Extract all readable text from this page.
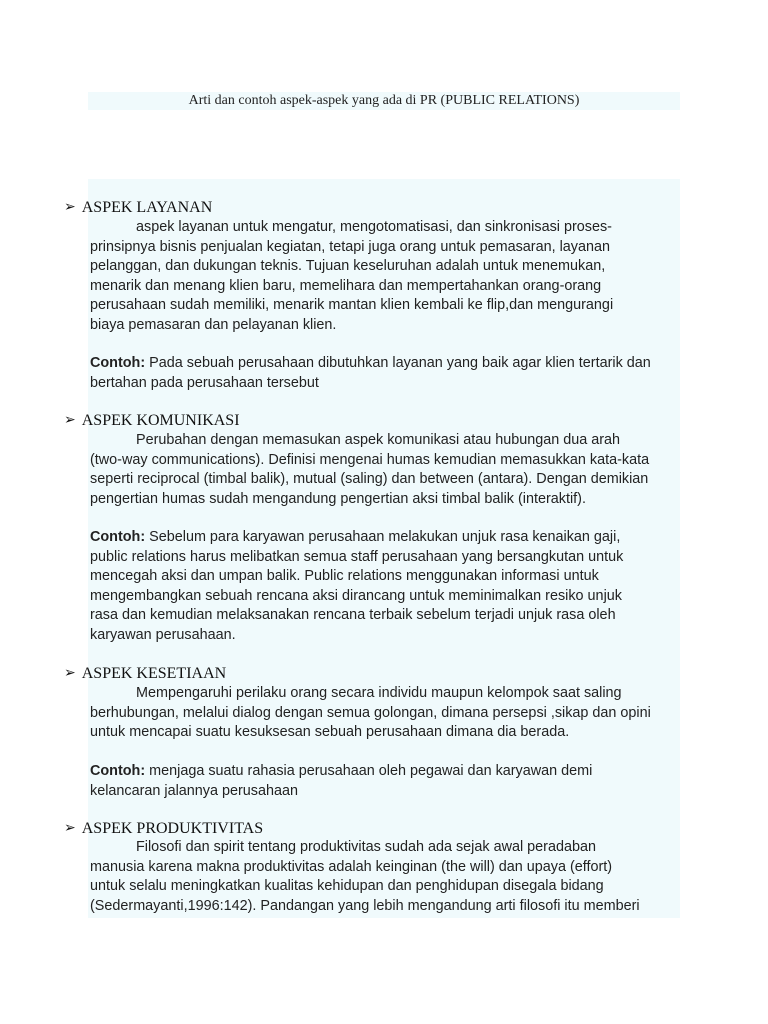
Arti dan contoh aspek-aspek yang ada di PR (PUBLIC RELATIONS)
➢ ASPEK LAYANAN
aspek layanan untuk mengatur, mengotomatisasi, dan sinkronisasi proses-
prinsipnya bisnis penjualan kegiatan, tetapi juga orang untuk pemasaran, layanan
pelanggan, dan dukungan teknis. Tujuan keseluruhan adalah untuk menemukan,
menarik dan menang klien baru, memelihara dan mempertahankan orang-orang
perusahaan sudah memiliki, menarik mantan klien kembali ke flip,dan mengurangi
biaya pemasaran dan pelayanan klien.
Contoh: Pada sebuah perusahaan dibutuhkan layanan yang baik agar klien tertarik dan
bertahan pada perusahaan tersebut
➢ ASPEK KOMUNIKASI
Perubahan dengan memasukan aspek komunikasi atau hubungan dua arah
(two-way communications). Definisi mengenai humas kemudian memasukkan kata-kata
seperti reciprocal (timbal balik), mutual (saling) dan between (antara). Dengan demikian
pengertian humas sudah mengandung pengertian aksi timbal balik (interaktif).
Contoh: Sebelum para karyawan perusahaan melakukan unjuk rasa kenaikan gaji,
public relations harus melibatkan semua staff perusahaan yang bersangkutan untuk
mencegah aksi dan umpan balik. Public relations menggunakan informasi untuk
mengembangkan sebuah rencana aksi dirancang untuk meminimalkan resiko unjuk
rasa dan kemudian melaksanakan rencana terbaik sebelum terjadi unjuk rasa oleh
karyawan perusahaan.
➢ ASPEK KESETIAAN
Mempengaruhi perilaku orang secara individu maupun kelompok saat saling
berhubungan, melalui dialog dengan semua golongan, dimana persepsi ,sikap dan opini
untuk mencapai suatu kesuksesan sebuah perusahaan dimana dia berada.
Contoh: menjaga suatu rahasia perusahaan oleh pegawai dan karyawan demi
kelancaran jalannya perusahaan
➢ ASPEK PRODUKTIVITAS
Filosofi dan spirit tentang produktivitas sudah ada sejak awal peradaban
manusia karena makna produktivitas adalah keinginan (the will) dan upaya (effort)
untuk selalu meningkatkan kualitas kehidupan dan penghidupan disegala bidang
(Sedermayanti,1996:142). Pandangan yang lebih mengandung arti filosofi itu memberi
